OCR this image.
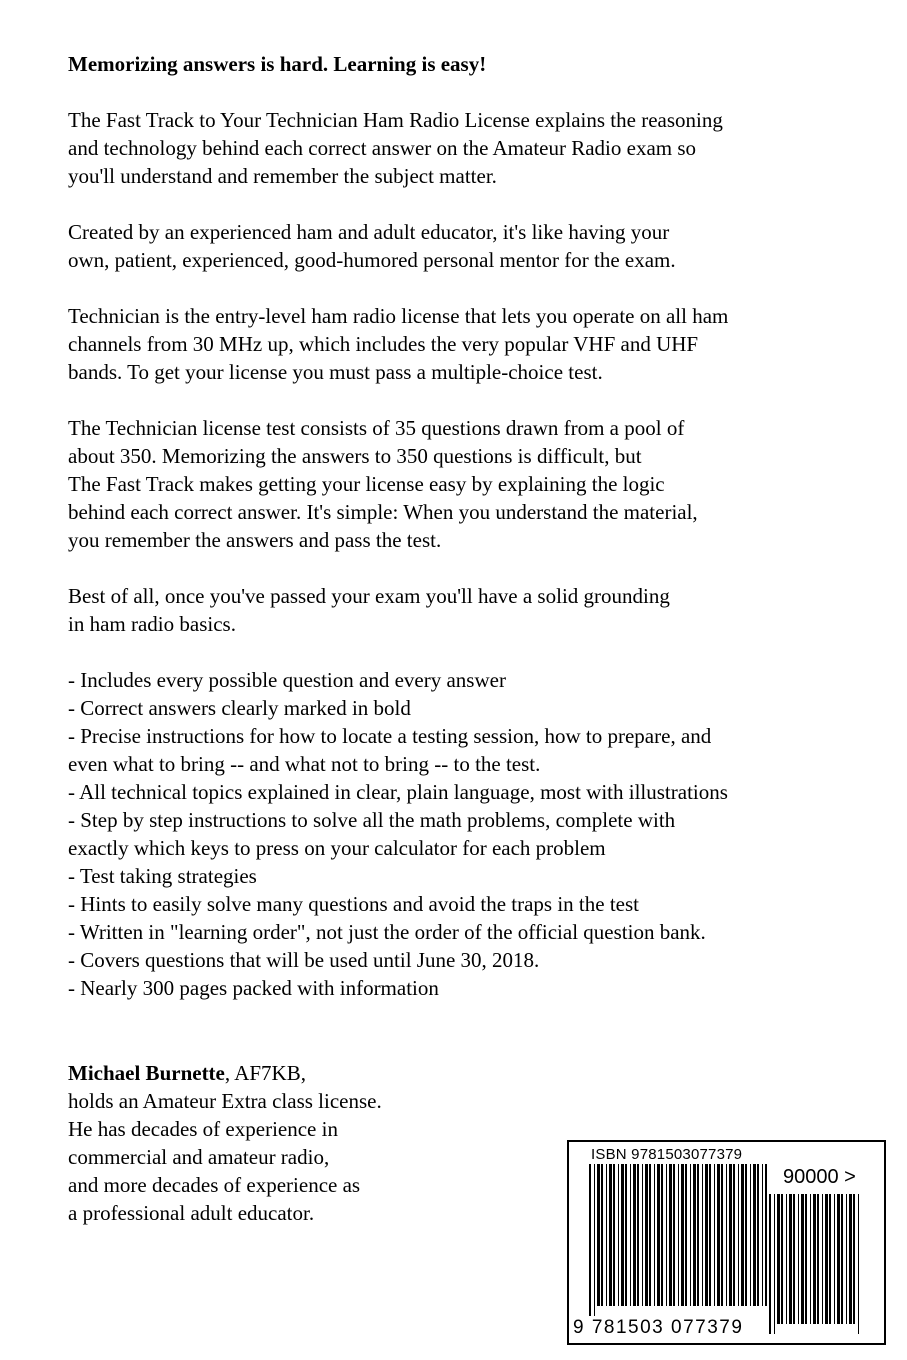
Memorizing answers is hard. Learning is easy!

The Fast Track to Your Technician Ham Radio License explains the reasoning
and technology behind each correct answer on the Amateur Radio exam so
you'll understand and remember the subject matter.
Created by an experienced ham and adult educator, it's like having your
own, patient, experienced, good-humored personal mentor for the exam.
Technician is the entry-level ham radio license that lets you operate on all ham
channels from 30 MHz up, which includes the very popular VHF and UHF
bands. To get your license you must pass a multiple-choice test.
The Technician license test consists of 35 questions drawn from a pool of
about 350. Memorizing the answers to 350 questions is difficult, but
The Fast Track makes getting your license easy by explaining the logic
behind each correct answer. It's simple: When you understand the material,
you remember the answers and pass the test.
Best of all, once you've passed your exam you'll have a solid grounding
in ham radio basics.
- Includes every possible question and every answer
- Correct answers clearly marked in bold
- Precise instructions for how to locate a testing session, how to prepare, and
even what to bring -- and what not to bring -- to the test.
- All technical topics explained in clear, plain language, most with illustrations
- Step by step instructions to solve all the math problems, complete with
exactly which keys to press on your calculator for each problem
- Test taking strategies
- Hints to easily solve many questions and avoid the traps in the test
- Written in "learning order", not just the order of the official question bank.
- Covers questions that will be used until June 30, 2018.
- Nearly 300 pages packed with information
Michael Burnette, AF7KB,
holds an Amateur Extra class license.
He has decades of experience in
commercial and amateur radio,
and more decades of experience as
a professional adult educator.
ISBN 9781503077379
90000 >
9 781503 077379
